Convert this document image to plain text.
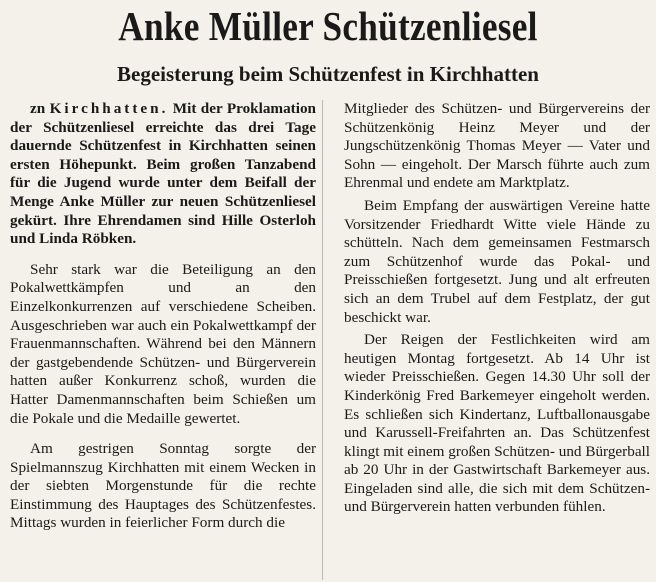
Anke Müller Schützenliesel
Begeisterung beim Schützenfest in Kirchhatten

zn Kirchhatten. Mit der Proklamation der Schützenliesel erreichte das drei Tage dauernde Schützenfest in Kirchhatten seinen ersten Höhepunkt. Beim großen Tanzabend für die Jugend wurde unter dem Beifall der Menge Anke Müller zur neuen Schützenliesel gekürt. Ihre Ehrendamen sind Hille Osterloh und Linda Röbken.

Sehr stark war die Beteiligung an den Pokalwettkämpfen und an den Einzelkonkurrenzen auf verschiedene Scheiben. Ausgeschrieben war auch ein Pokalwettkampf der Frauenmannschaften. Während bei den Männern der gastgebendende Schützen- und Bürgerverein hatten außer Konkurrenz schoß, wurden die Hatter Damenmannschaften beim Schießen um die Pokale und die Medaille gewertet.

Am gestrigen Sonntag sorgte der Spielmannszug Kirchhatten mit einem Wecken in der siebten Morgenstunde für die rechte Einstimmung des Hauptages des Schützenfestes. Mittags wurden in feierlicher Form durch die

Mitglieder des Schützen- und Bürgervereins der Schützenkönig Heinz Meyer und der Jungschützenkönig Thomas Meyer — Vater und Sohn — eingeholt. Der Marsch führte auch zum Ehrenmal und endete am Marktplatz.

Beim Empfang der auswärtigen Vereine hatte Vorsitzender Friedhardt Witte viele Hände zu schütteln. Nach dem gemeinsamen Festmarsch zum Schützenhof wurde das Pokal- und Preisschießen fortgesetzt. Jung und alt erfreuten sich an dem Trubel auf dem Festplatz, der gut beschickt war.

Der Reigen der Festlichkeiten wird am heutigen Montag fortgesetzt. Ab 14 Uhr ist wieder Preisschießen. Gegen 14.30 Uhr soll der Kinderkönig Fred Barkemeyer eingeholt werden. Es schließen sich Kindertanz, Luftballonausgabe und Karussell-Freifahrten an. Das Schützenfest klingt mit einem großen Schützen- und Bürgerball ab 20 Uhr in der Gastwirtschaft Barkemeyer aus. Eingeladen sind alle, die sich mit dem Schützen- und Bürgerverein hatten verbunden fühlen.
